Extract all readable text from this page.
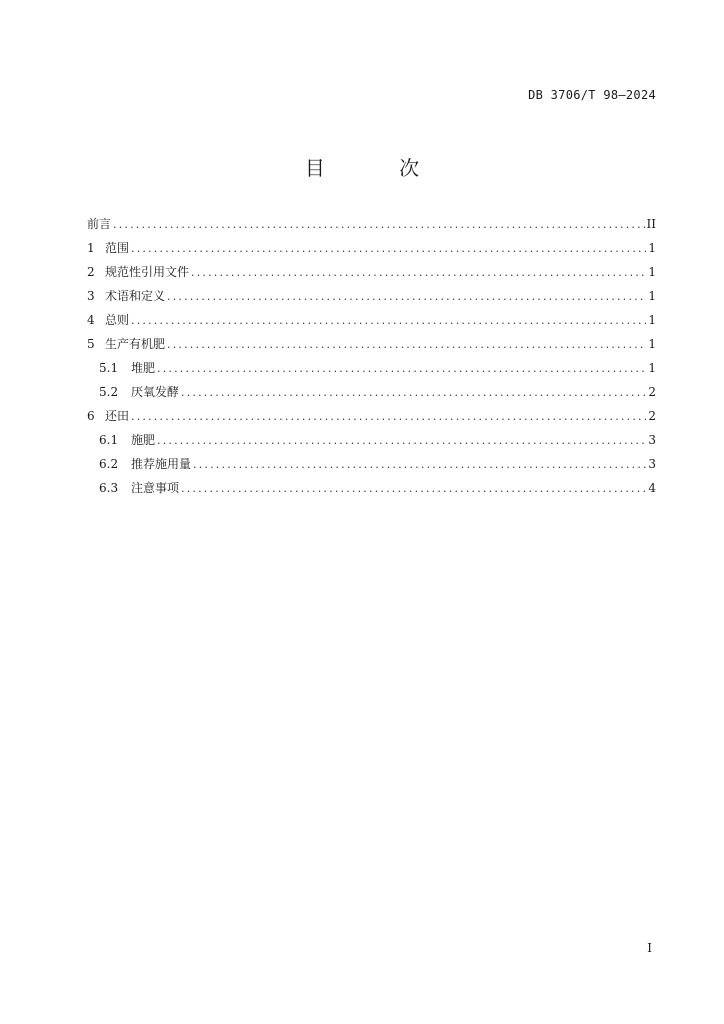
DB 3706/T 98—2024
目 次
前言 .....	II
1 范围 .....	1
2 规范性引用文件 .....	1
3 术语和定义 .....	1
4 总则 .....	1
5 生产有机肥 .....	1
5.1	堆肥 .....	1
5.2	厌氧发酵 .....	2
6 还田 .....	2
6.1	施肥 .....	3
6.2	推荐施用量 .....	3
6.3	注意事项 .....	4
I
